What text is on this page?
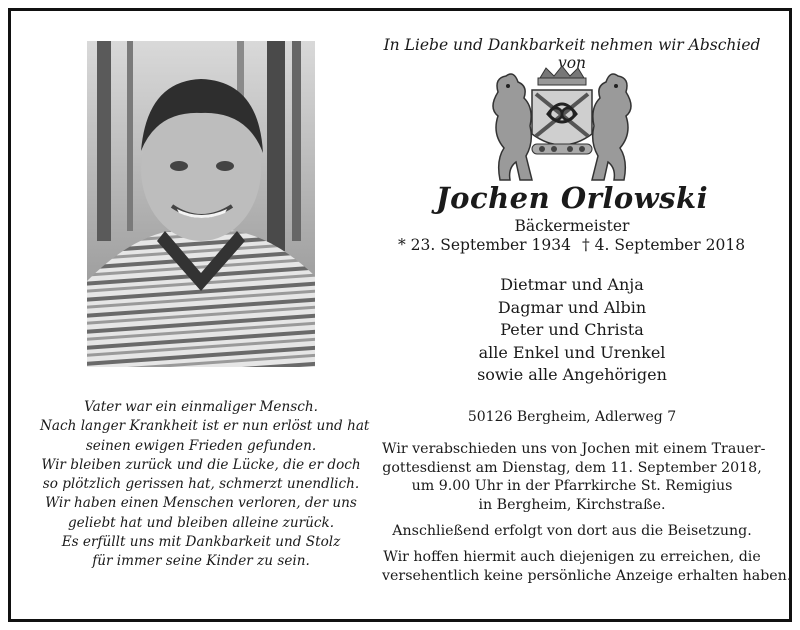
Vater war ein einmaliger Mensch.
Nach langer Krankheit ist er nun erlöst und hat
seinen ewigen Frieden gefunden.
Wir bleiben zurück und die Lücke, die er doch
so plötzlich gerissen hat, schmerzt unendlich.
Wir haben einen Menschen verloren, der uns
geliebt hat und bleiben alleine zurück.
Es erfüllt uns mit Dankbarkeit und Stolz
für immer seine Kinder zu sein.
In Liebe und Dankbarkeit nehmen wir Abschied von
Jochen Orlowski
Bäckermeister
* 23. September 1934 † 4. September 2018
Dietmar und Anja
Dagmar und Albin
Peter und Christa
alle Enkel und Urenkel
sowie alle Angehörigen
50126 Bergheim, Adlerweg 7
Wir verabschieden uns von Jochen mit einem Trauer-
gottesdienst am Dienstag, dem 11. September 2018,
um 9.00 Uhr in der Pfarrkirche St. Remigius
in Bergheim, Kirchstraße.
Anschließend erfolgt von dort aus die Beisetzung.
Wir hoffen hiermit auch diejenigen zu erreichen, die
versehentlich keine persönliche Anzeige erhalten haben.
